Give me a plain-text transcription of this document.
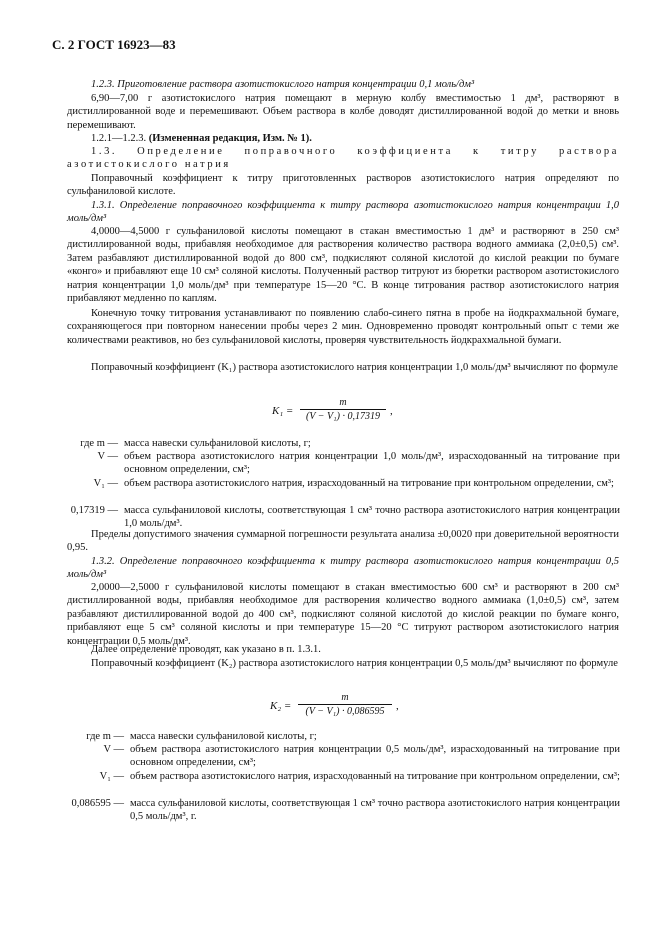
С. 2 ГОСТ 16923—83

1.2.3. Приготовление раствора азотистокислого натрия концентрации 0,1 моль/дм³

6,90—7,00 г азотистокислого натрия помещают в мерную колбу вместимостью 1 дм³, растворяют в дистиллированной воде и перемешивают. Объем раствора в колбе доводят дистиллированной водой до метки и вновь перемешивают.

1.2.1—1.2.3. (Измененная редакция, Изм. № 1).

1.3. Определение поправочного коэффициента к титру раствора азотистокислого натрия

Поправочный коэффициент к титру приготовленных растворов азотистокислого натрия определяют по сульфаниловой кислоте.

1.3.1. Определение поправочного коэффициента к титру раствора азотистокислого натрия концентрации 1,0 моль/дм³

4,0000—4,5000 г сульфаниловой кислоты помещают в стакан вместимостью 1 дм³ и растворяют в 250 см³ дистиллированной воды, прибавляя необходимое для растворения количество раствора водного аммиака (2,0±0,5) см³. Затем разбавляют дистиллированной водой до 800 см³, подкисляют соляной кислотой до кислой реакции по бумаге «конго» и прибавляют еще 10 см³ соляной кислоты. Полученный раствор титруют из бюретки раствором азотистокислого натрия концентрации 1,0 моль/дм³ при температуре 15—20 °С. В конце титрования раствор азотистокислого натрия прибавляют медленно по каплям.

Конечную точку титрования устанавливают по появлению слабо-синего пятна в пробе на йодкрахмальной бумаге, сохраняющегося при повторном нанесении пробы через 2 мин. Одновременно проводят контрольный опыт с теми же количествами реактивов, но без сульфаниловой кислоты, проверяя чувствительность йодкрахмальной бумаги.

Поправочный коэффициент (K₁) раствора азотистокислого натрия концентрации 1,0 моль/дм³ вычисляют по формуле

$K_1 = \frac{m}{\text{(V − V₁) · 0,17319}}$ ,
где m — масса навески сульфаниловой кислоты, г;
V — объем раствора азотистокислого натрия концентрации 1,0 моль/дм³, израсходованный на титрование при основном определении, см³;
V₁ — объем раствора азотистокислого натрия, израсходованный на титрование при контрольном определении, см³;
0,17319 — масса сульфаниловой кислоты, соответствующая 1 см³ точно раствора азотистокислого натрия концентрации 1,0 моль/дм³.

Пределы допустимого значения суммарной погрешности результата анализа ±0,0020 при доверительной вероятности 0,95.

1.3.2. Определение поправочного коэффициента к титру раствора азотистокислого натрия концентрации 0,5 моль/дм³

2,0000—2,5000 г сульфаниловой кислоты помещают в стакан вместимостью 600 см³ и растворяют в 200 см³ дистиллированной воды, прибавляя необходимое для растворения количество водного аммиака (1,0±0,5) см³, затем разбавляют дистиллированной водой до 400 см³, подкисляют соляной кислотой до кислой реакции по бумаге конго, прибавляют еще 5 см³ соляной кислоты и при температуре 15—20 °С титруют раствором азотистокислого натрия концентрации 0,5 моль/дм³.

Далее определение проводят, как указано в п. 1.3.1.

Поправочный коэффициент (K₂) раствора азотистокислого натрия концентрации 0,5 моль/дм³ вычисляют по формуле

$K_2 = \frac{m}{\text{(V − V₁) · 0,086595}}$ ,
где m — масса навески сульфаниловой кислоты, г;
V — объем раствора азотистокислого натрия концентрации 0,5 моль/дм³, израсходованный на титрование при основном определении, см³;
V₁ — объем раствора азотистокислого натрия, израсходованный на титрование при контрольном определении, см³;
0,086595 — масса сульфаниловой кислоты, соответствующая 1 см³ точно раствора азотистокислого натрия концентрации 0,5 моль/дм³, г.
